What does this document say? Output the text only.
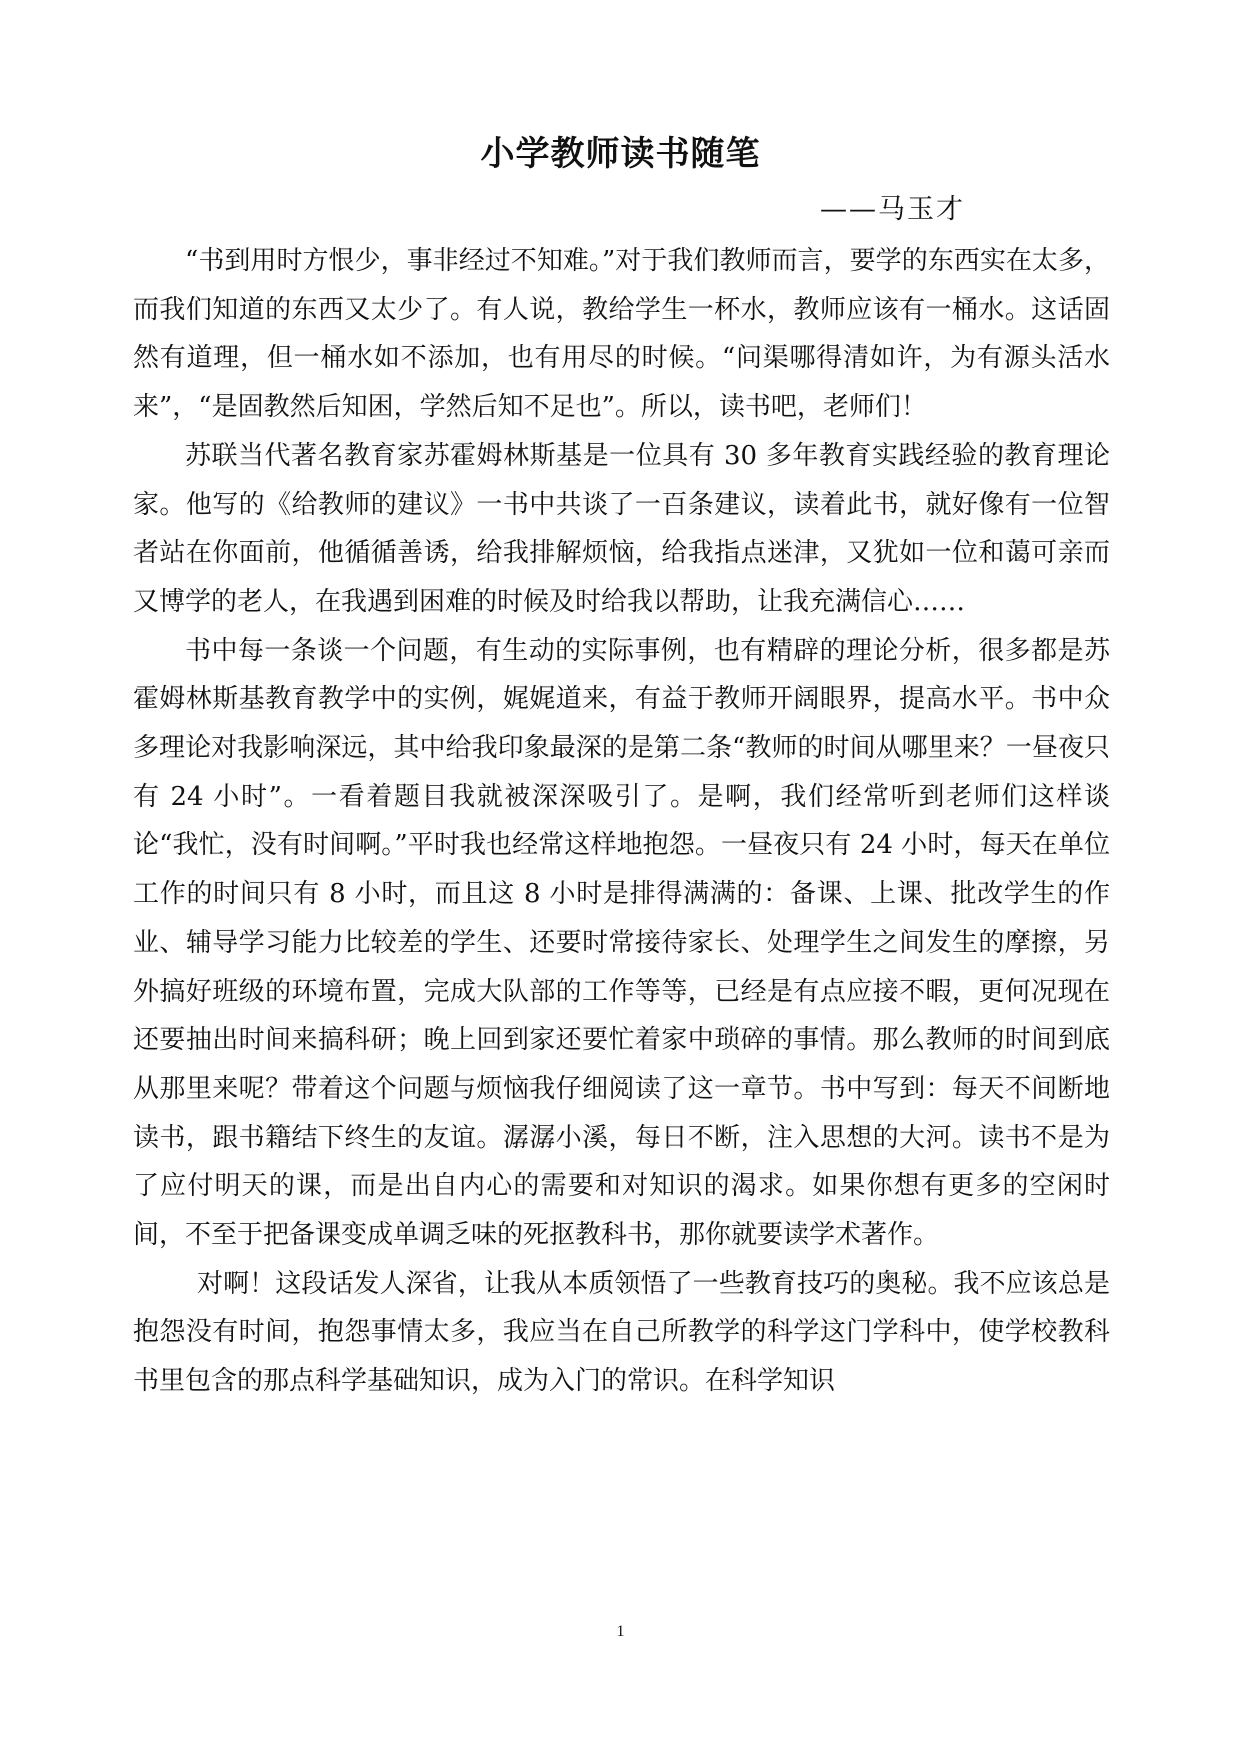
小学教师读书随笔

——马玉才

“书到用时方恨少，事非经过不知难。”对于我们教师而言，要学的东西实在太多，而我们知道的东西又太少了。有人说，教给学生一杯水，教师应该有一桶水。这话固然有道理，但一桶水如不添加，也有用尽的时候。“问渠哪得清如许，为有源头活水来”，“是固教然后知困，学然后知不足也”。所以，读书吧，老师们！

苏联当代著名教育家苏霍姆林斯基是一位具有 30 多年教育实践经验的教育理论家。他写的《给教师的建议》一书中共谈了一百条建议，读着此书，就好像有一位智者站在你面前，他循循善诱，给我排解烦恼，给我指点迷津，又犹如一位和蔼可亲而又博学的老人，在我遇到困难的时候及时给我以帮助，让我充满信心……

书中每一条谈一个问题，有生动的实际事例，也有精辟的理论分析，很多都是苏霍姆林斯基教育教学中的实例，娓娓道来，有益于教师开阔眼界，提高水平。书中众多理论对我影响深远，其中给我印象最深的是第二条“教师的时间从哪里来？一昼夜只有 24 小时”。一看着题目我就被深深吸引了。是啊，我们经常听到老师们这样谈论“我忙，没有时间啊。”平时我也经常这样地抱怨。一昼夜只有 24 小时，每天在单位工作的时间只有 8 小时，而且这 8 小时是排得满满的：备课、上课、批改学生的作业、辅导学习能力比较差的学生、还要时常接待家长、处理学生之间发生的摩擦，另外搞好班级的环境布置，完成大队部的工作等等，已经是有点应接不暇，更何况现在还要抽出时间来搞科研；晚上回到家还要忙着家中琐碎的事情。那么教师的时间到底从那里来呢？带着这个问题与烦恼我仔细阅读了这一章节。书中写到：每天不间断地读书，跟书籍结下终生的友谊。潺潺小溪，每日不断，注入思想的大河。读书不是为了应付明天的课，而是出自内心的需要和对知识的渴求。如果你想有更多的空闲时间，不至于把备课变成单调乏味的死抠教科书，那你就要读学术著作。

对啊！这段话发人深省，让我从本质领悟了一些教育技巧的奥秘。我不应该总是抱怨没有时间，抱怨事情太多，我应当在自己所教学的科学这门学科中，使学校教科书里包含的那点科学基础知识，成为入门的常识。在科学知识

1
